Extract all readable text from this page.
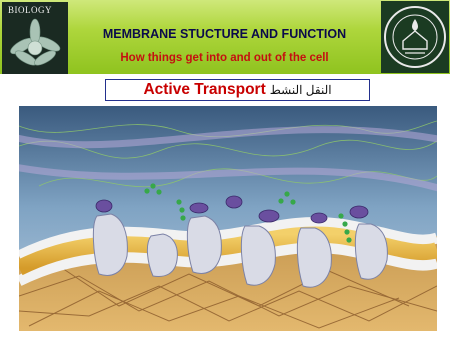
BIOLOGY
MEMBRANE STUCTURE AND FUNCTION
How things get into and out of the cell
Active Transport النقل النشط
